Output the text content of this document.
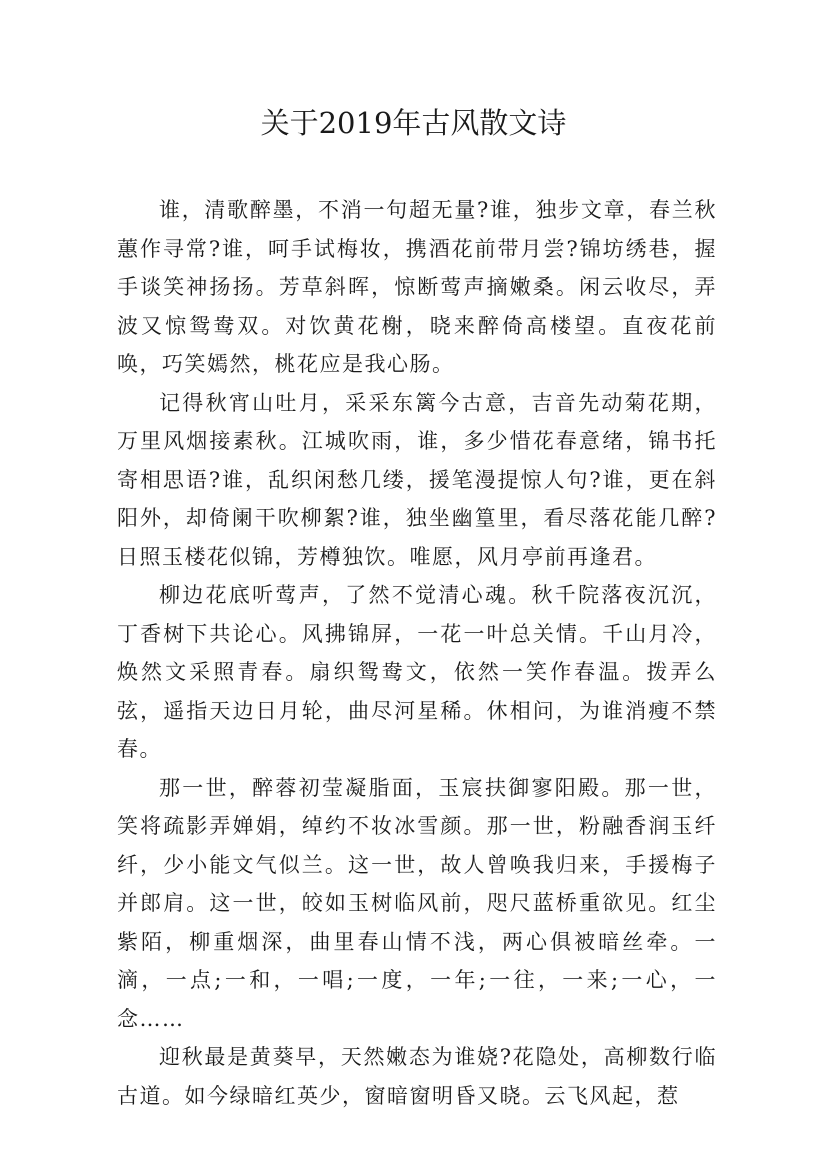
关于2019年古风散文诗

谁，清歌醉墨，不消一句超无量?谁，独步文章，春兰秋蕙作寻常?谁，呵手试梅妆，携酒花前带月尝?锦坊绣巷，握手谈笑神扬扬。芳草斜晖，惊断莺声摘嫩桑。闲云收尽，弄波又惊鸳鸯双。对饮黄花榭，晓来醉倚高楼望。直夜花前唤，巧笑嫣然，桃花应是我心肠。

记得秋宵山吐月，采采东篱今古意，吉音先动菊花期，万里风烟接素秋。江城吹雨，谁，多少惜花春意绪，锦书托寄相思语?谁，乱织闲愁几缕，援笔漫提惊人句?谁，更在斜阳外，却倚阑干吹柳絮?谁，独坐幽篁里，看尽落花能几醉?日照玉楼花似锦，芳樽独饮。唯愿，风月亭前再逢君。

柳边花底听莺声，了然不觉清心魂。秋千院落夜沉沉，丁香树下共论心。风拂锦屏，一花一叶总关情。千山月冷，焕然文采照青春。扇织鸳鸯文，依然一笑作春温。拨弄么弦，遥指天边日月轮，曲尽河星稀。休相问，为谁消瘦不禁春。

那一世，醉蓉初莹凝脂面，玉宸扶御寥阳殿。那一世，笑将疏影弄婵娟，绰约不妆冰雪颜。那一世，粉融香润玉纤纤，少小能文气似兰。这一世，故人曾唤我归来，手援梅子并郎肩。这一世，皎如玉树临风前，咫尺蓝桥重欲见。红尘紫陌，柳重烟深，曲里春山情不浅，两心俱被暗丝牵。一滴，一点;一和，一唱;一度，一年;一往，一来;一心，一念……

迎秋最是黄葵早，天然嫩态为谁娆?花隐处，高柳数行临古道。如今绿暗红英少，窗暗窗明昏又晓。云飞风起，惹
